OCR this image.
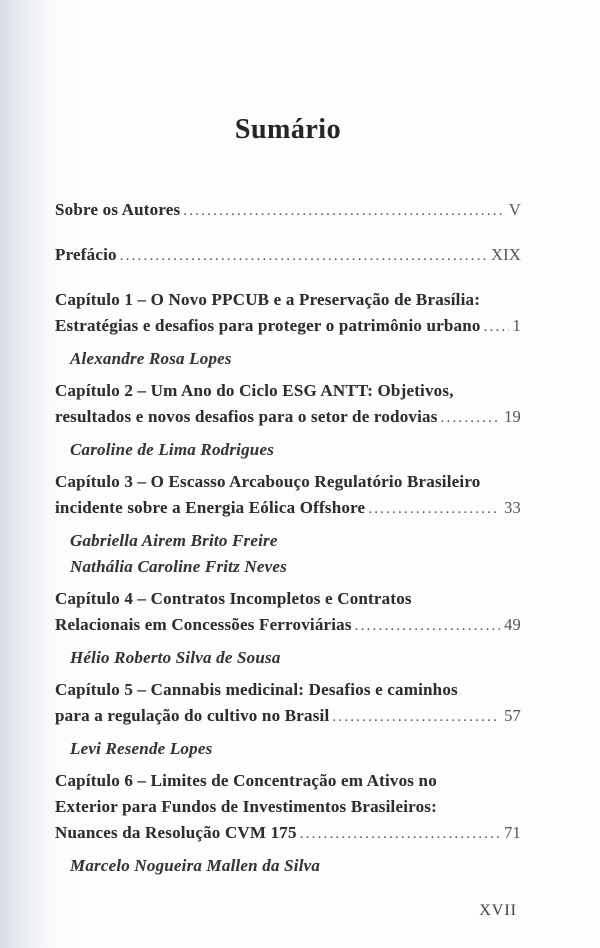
Sumário
Sobre os Autores .....	V
Prefácio .....	XIX
Capítulo 1 – O Novo PPCUB e a Preservação de Brasília:
Estratégias e desafios para proteger o patrimônio urbano ..... 1
Alexandre Rosa Lopes
Capítulo 2 – Um Ano do Ciclo ESG ANTT: Objetivos,
resultados e novos desafios para o setor de rodovias .....	19
Caroline de Lima Rodrigues
Capítulo 3 – O Escasso Arcabouço Regulatório Brasileiro
incidente sobre a Energia Eólica Offshore .....	33
Gabriella Airem Brito Freire
Nathália Caroline Fritz Neves
Capítulo 4 – Contratos Incompletos e Contratos
Relacionais em Concessões Ferroviárias .....	49
Hélio Roberto Silva de Sousa
Capítulo 5 – Cannabis medicinal: Desafios e caminhos
para a regulação do cultivo no Brasil .....	57
Levi Resende Lopes
Capítulo 6 – Limites de Concentração em Ativos no
Exterior para Fundos de Investimentos Brasileiros:
Nuances da Resolução CVM 175 .....	71
Marcelo Nogueira Mallen da Silva
XVII
